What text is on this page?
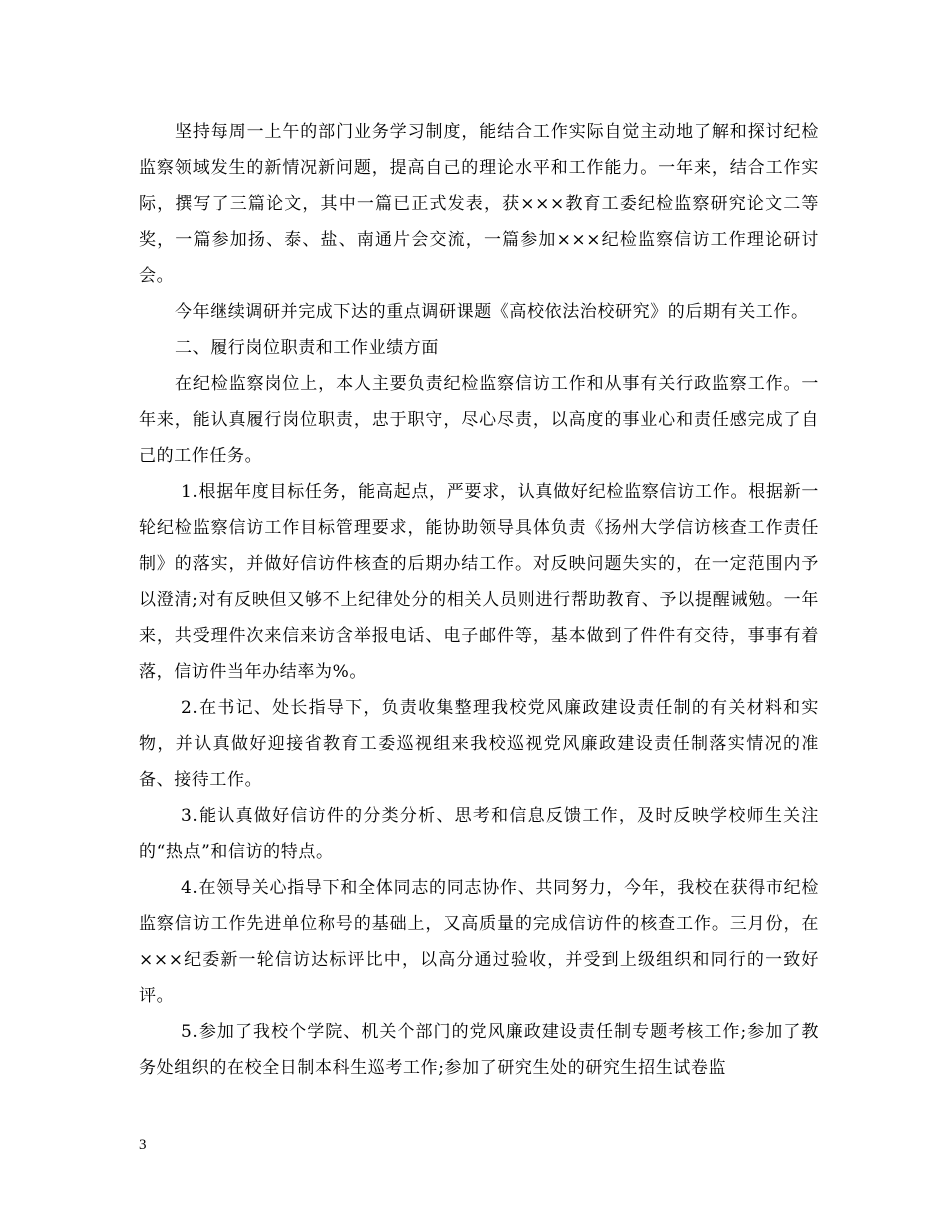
坚持每周一上午的部门业务学习制度，能结合工作实际自觉主动地了解和探讨纪检监察领域发生的新情况新问题，提高自己的理论水平和工作能力。一年来，结合工作实际，撰写了三篇论文，其中一篇已正式发表，获×××教育工委纪检监察研究论文二等奖，一篇参加扬、泰、盐、南通片会交流，一篇参加×××纪检监察信访工作理论研讨会。

今年继续调研并完成下达的重点调研课题《高校依法治校研究》的后期有关工作。

二、履行岗位职责和工作业绩方面

在纪检监察岗位上，本人主要负责纪检监察信访工作和从事有关行政监察工作。一年来，能认真履行岗位职责，忠于职守，尽心尽责，以高度的事业心和责任感完成了自己的工作任务。

1.根据年度目标任务，能高起点，严要求，认真做好纪检监察信访工作。根据新一轮纪检监察信访工作目标管理要求，能协助领导具体负责《扬州大学信访核查工作责任制》的落实，并做好信访件核查的后期办结工作。对反映问题失实的，在一定范围内予以澄清;对有反映但又够不上纪律处分的相关人员则进行帮助教育、予以提醒诫勉。一年来，共受理件次来信来访含举报电话、电子邮件等，基本做到了件件有交待，事事有着落，信访件当年办结率为%。

2.在书记、处长指导下，负责收集整理我校党风廉政建设责任制的有关材料和实物，并认真做好迎接省教育工委巡视组来我校巡视党风廉政建设责任制落实情况的准备、接待工作。

3.能认真做好信访件的分类分析、思考和信息反馈工作，及时反映学校师生关注的“热点”和信访的特点。

4.在领导关心指导下和全体同志的同志协作、共同努力，今年，我校在获得市纪检监察信访工作先进单位称号的基础上，又高质量的完成信访件的核查工作。三月份，在×××纪委新一轮信访达标评比中，以高分通过验收，并受到上级组织和同行的一致好评。

5.参加了我校个学院、机关个部门的党风廉政建设责任制专题考核工作;参加了教务处组织的在校全日制本科生巡考工作;参加了研究生处的研究生招生试卷监

3
